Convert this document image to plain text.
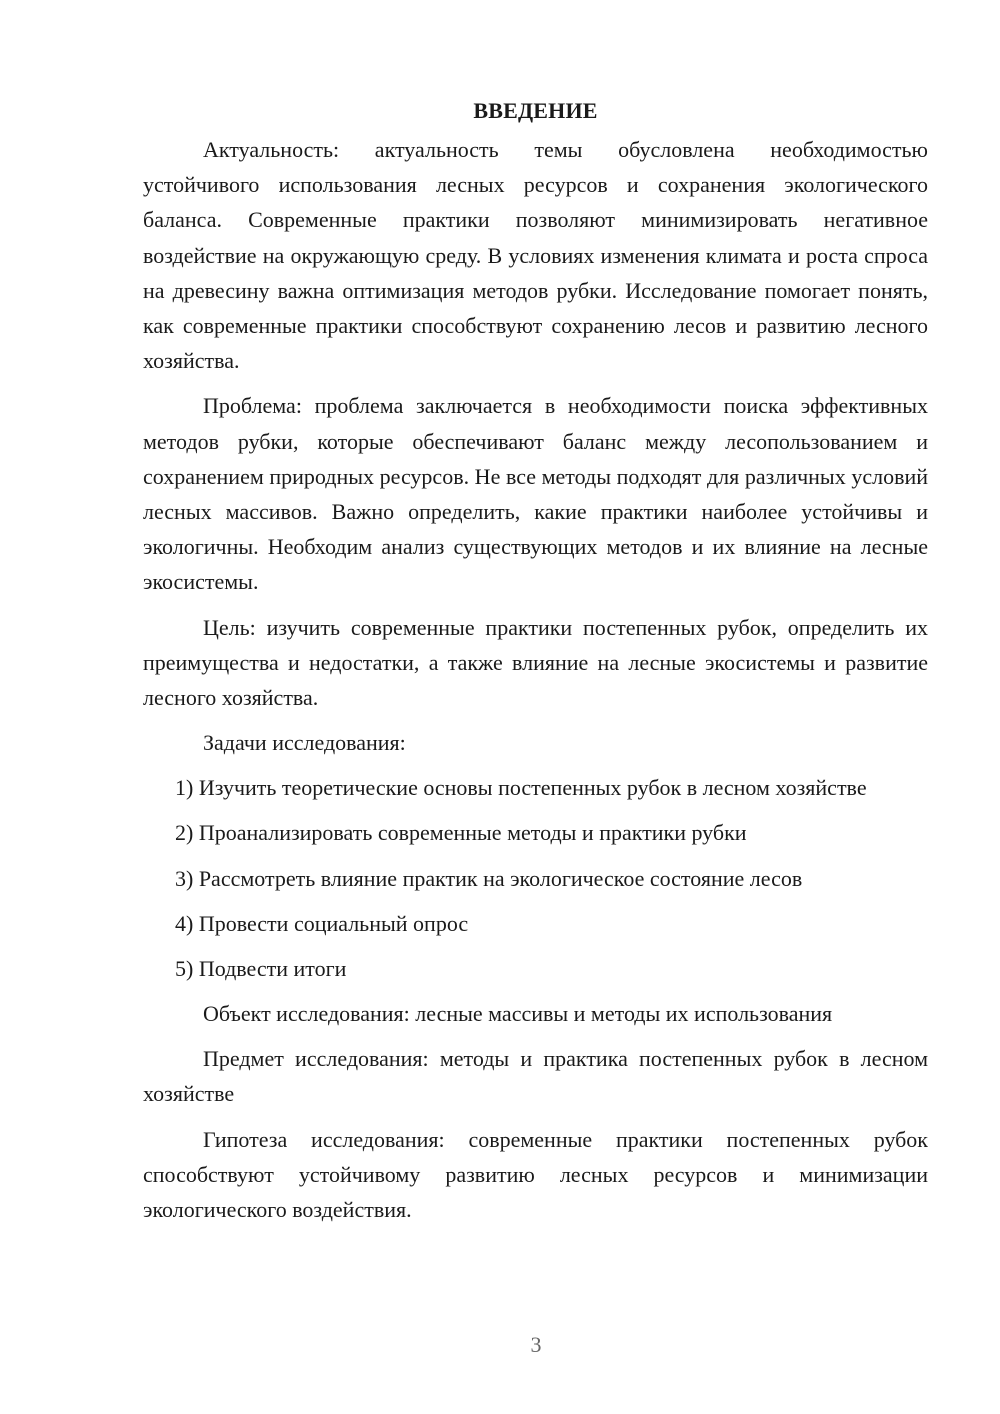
ВВЕДЕНИЕ

Актуальность: актуальность темы обусловлена необходимостью устойчивого использования лесных ресурсов и сохранения экологического баланса. Современные практики позволяют минимизировать негативное воздействие на окружающую среду. В условиях изменения климата и роста спроса на древесину важна оптимизация методов рубки. Исследование помогает понять, как современные практики способствуют сохранению лесов и развитию лесного хозяйства.

Проблема: проблема заключается в необходимости поиска эффективных методов рубки, которые обеспечивают баланс между лесопользованием и сохранением природных ресурсов. Не все методы подходят для различных условий лесных массивов. Важно определить, какие практики наиболее устойчивы и экологичны. Необходим анализ существующих методов и их влияние на лесные экосистемы.

Цель: изучить современные практики постепенных рубок, определить их преимущества и недостатки, а также влияние на лесные экосистемы и развитие лесного хозяйства.

Задачи исследования:

1) Изучить теоретические основы постепенных рубок в лесном хозяйстве

2) Проанализировать современные методы и практики рубки

3) Рассмотреть влияние практик на экологическое состояние лесов

4) Провести социальный опрос

5) Подвести итоги

Объект исследования: лесные массивы и методы их использования

Предмет исследования: методы и практика постепенных рубок в лесном хозяйстве

Гипотеза исследования: современные практики постепенных рубок способствуют устойчивому развитию лесных ресурсов и минимизации экологического воздействия.

3
